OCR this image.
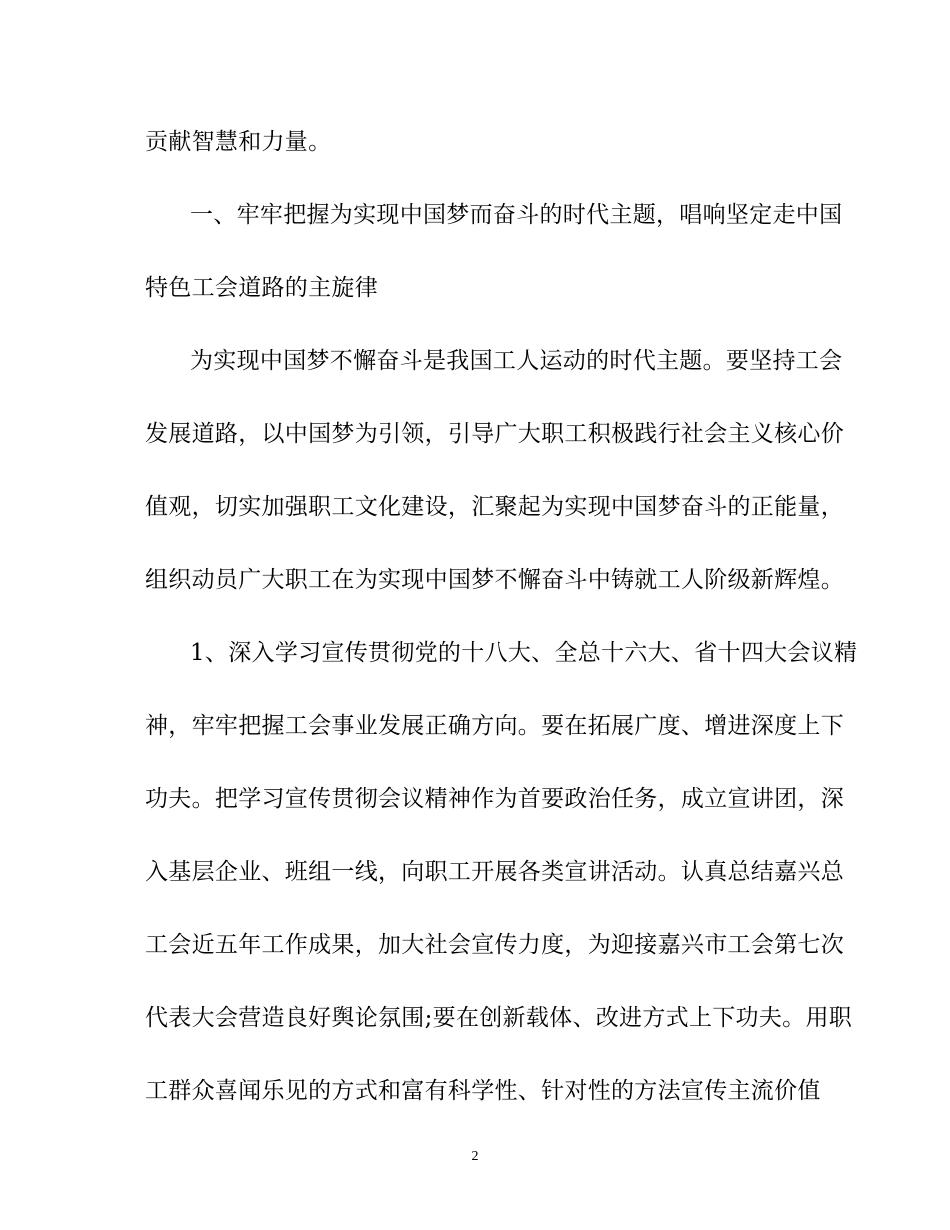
贡献智慧和力量。
一、牢牢把握为实现中国梦而奋斗的时代主题，唱响坚定走中国
特色工会道路的主旋律
为实现中国梦不懈奋斗是我国工人运动的时代主题。要坚持工会
发展道路，以中国梦为引领，引导广大职工积极践行社会主义核心价
值观，切实加强职工文化建设，汇聚起为实现中国梦奋斗的正能量，
组织动员广大职工在为实现中国梦不懈奋斗中铸就工人阶级新辉煌。
1、深入学习宣传贯彻党的十八大、全总十六大、省十四大会议精
神，牢牢把握工会事业发展正确方向。要在拓展广度、增进深度上下
功夫。把学习宣传贯彻会议精神作为首要政治任务，成立宣讲团，深
入基层企业、班组一线，向职工开展各类宣讲活动。认真总结嘉兴总
工会近五年工作成果，加大社会宣传力度，为迎接嘉兴市工会第七次
代表大会营造良好舆论氛围;要在创新载体、改进方式上下功夫。用职
工群众喜闻乐见的方式和富有科学性、针对性的方法宣传主流价值
2
